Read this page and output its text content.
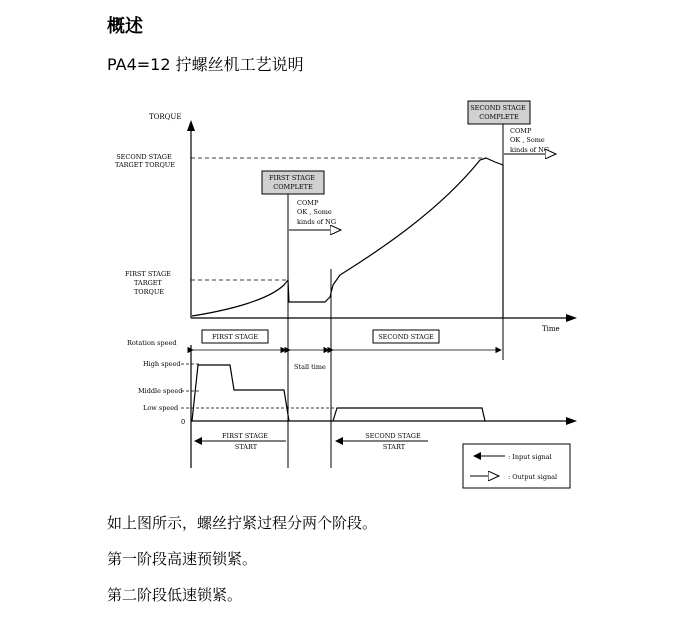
概述
PA4=12 拧螺丝机工艺说明
TORQUE
Time
SECOND STAGE TARGET TORQUE
FIRST STAGE TARGET TORQUE
FIRST STAGE COMPLETE
COMP OK , Some kinds of NG
SECOND STAGE COMPLETE
COMP OK , Some kinds of NG
FIRST STAGE	SECOND STAGE
Stall time
Rotation speed
High speed
Middle speed
Low speed
0
FIRST STAGE START
SECOND STAGE START
: Input signal
: Output signal
如上图所示，螺丝拧紧过程分两个阶段。
第一阶段高速预锁紧。
第二阶段低速锁紧。
